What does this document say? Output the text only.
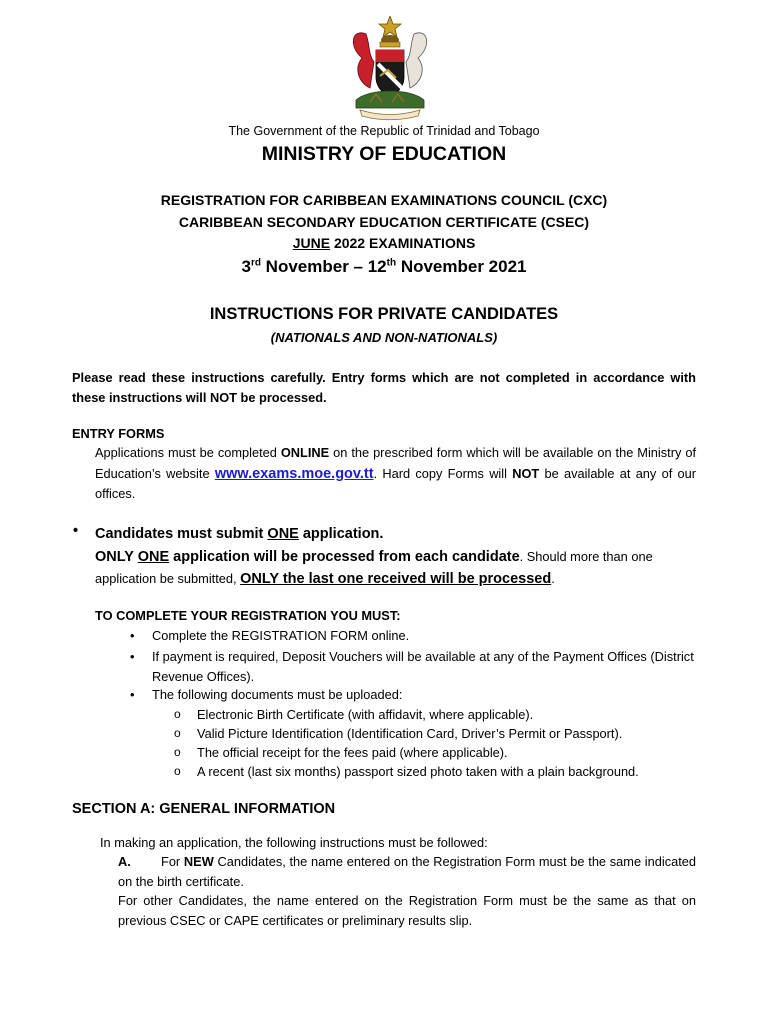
The Government of the Republic of Trinidad and Tobago
MINISTRY OF EDUCATION
REGISTRATION FOR CARIBBEAN EXAMINATIONS COUNCIL (CXC)
CARIBBEAN SECONDARY EDUCATION CERTIFICATE (CSEC)
JUNE 2022 EXAMINATIONS
3rd November – 12th November 2021
INSTRUCTIONS FOR PRIVATE CANDIDATES
(NATIONALS AND NON-NATIONALS)
Please read these instructions carefully. Entry forms which are not completed in accordance with these instructions will NOT be processed.
ENTRY FORMS
Applications must be completed ONLINE on the prescribed form which will be available on the Ministry of Education’s website www.exams.moe.gov.tt. Hard copy Forms will NOT be available at any of our offices.
• Candidates must submit ONE application.
ONLY ONE application will be processed from each candidate. Should more than one
application be submitted, ONLY the last one received will be processed.
TO COMPLETE YOUR REGISTRATION YOU MUST:
• Complete the REGISTRATION FORM online.
• If payment is required, Deposit Vouchers will be available at any of the Payment Offices (District Revenue Offices).
• The following documents must be uploaded:
o Electronic Birth Certificate (with affidavit, where applicable).
o Valid Picture Identification (Identification Card, Driver’s Permit or Passport).
o The official receipt for the fees paid (where applicable).
o A recent (last six months) passport sized photo taken with a plain background.
SECTION A: GENERAL INFORMATION
In making an application, the following instructions must be followed:
A.	For NEW Candidates, the name entered on the Registration Form must be the same indicated on the birth certificate.
For other Candidates, the name entered on the Registration Form must be the same as that on previous CSEC or CAPE certificates or preliminary results slip.
